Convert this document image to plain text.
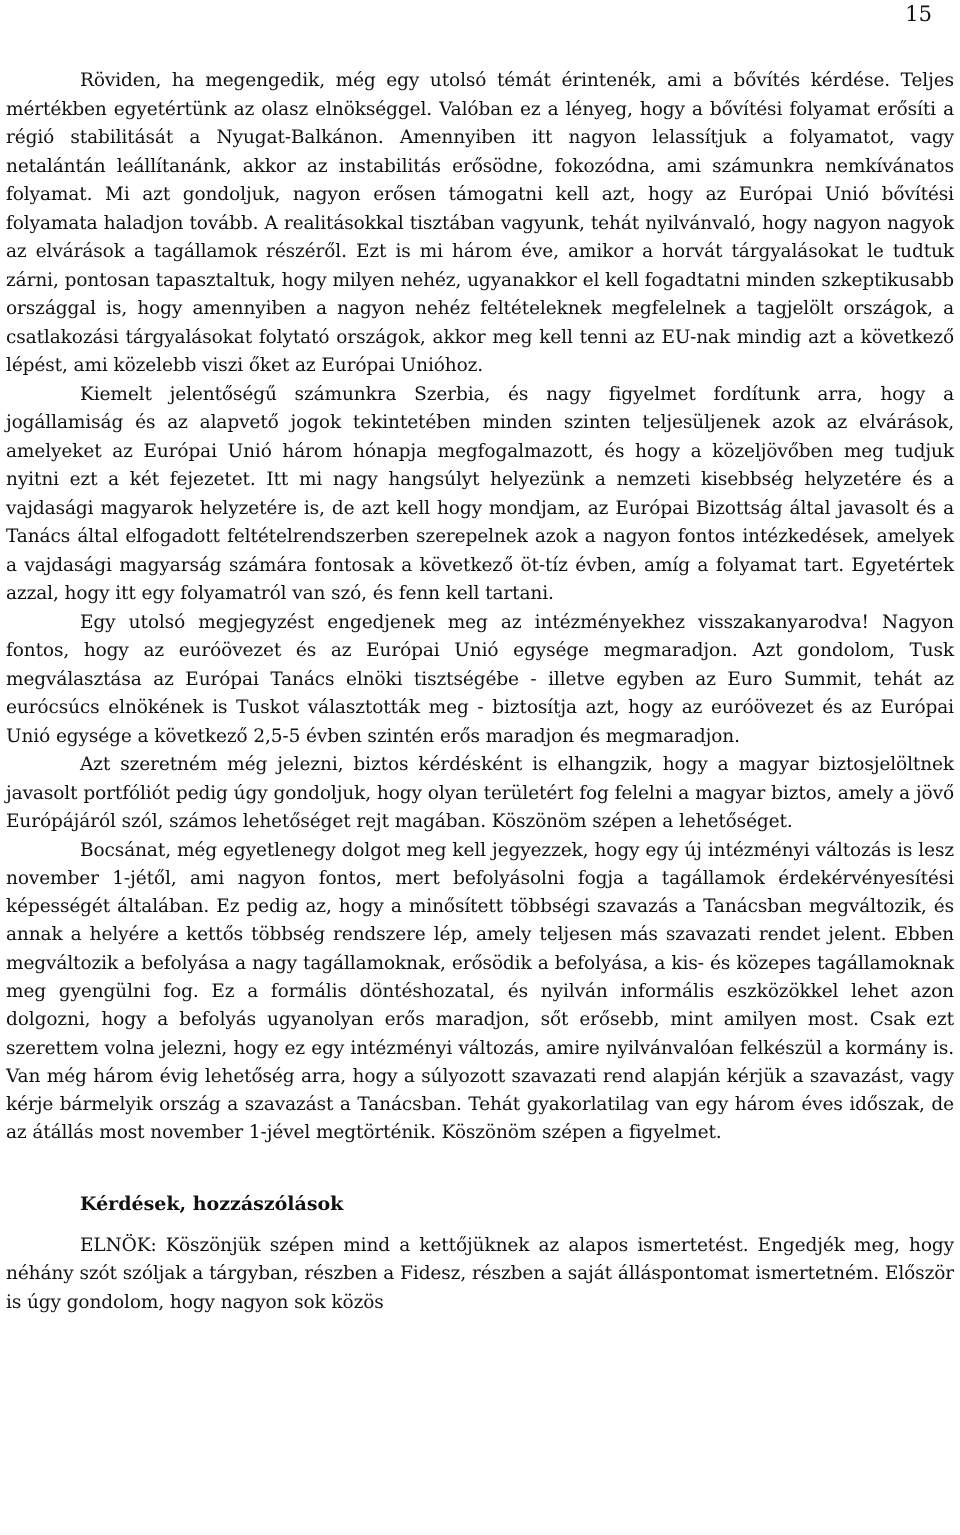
15

Röviden, ha megengedik, még egy utolsó témát érintenék, ami a bővítés kérdése. Teljes mértékben egyetértünk az olasz elnökséggel. Valóban ez a lényeg, hogy a bővítési folyamat erősíti a régió stabilitását a Nyugat-Balkánon. Amennyiben itt nagyon lelassítjuk a folyamatot, vagy netalántán leállítanánk, akkor az instabilitás erősödne, fokozódna, ami számunkra nemkívánatos folyamat. Mi azt gondoljuk, nagyon erősen támogatni kell azt, hogy az Európai Unió bővítési folyamata haladjon tovább. A realitásokkal tisztában vagyunk, tehát nyilvánvaló, hogy nagyon nagyok az elvárások a tagállamok részéről. Ezt is mi három éve, amikor a horvát tárgyalásokat le tudtuk zárni, pontosan tapasztaltuk, hogy milyen nehéz, ugyanakkor el kell fogadtatni minden szkeptikusabb országgal is, hogy amennyiben a nagyon nehéz feltételeknek megfelelnek a tagjelölt országok, a csatlakozási tárgyalásokat folytató országok, akkor meg kell tenni az EU-nak mindig azt a következő lépést, ami közelebb viszi őket az Európai Unióhoz.

Kiemelt jelentőségű számunkra Szerbia, és nagy figyelmet fordítunk arra, hogy a jogállamiság és az alapvető jogok tekintetében minden szinten teljesüljenek azok az elvárások, amelyeket az Európai Unió három hónapja megfogalmazott, és hogy a közeljövőben meg tudjuk nyitni ezt a két fejezetet. Itt mi nagy hangsúlyt helyezünk a nemzeti kisebbség helyzetére és a vajdasági magyarok helyzetére is, de azt kell hogy mondjam, az Európai Bizottság által javasolt és a Tanács által elfogadott feltételrendszerben szerepelnek azok a nagyon fontos intézkedések, amelyek a vajdasági magyarság számára fontosak a következő öt-tíz évben, amíg a folyamat tart. Egyetértek azzal, hogy itt egy folyamatról van szó, és fenn kell tartani.

Egy utolsó megjegyzést engedjenek meg az intézményekhez visszakanyarodva! Nagyon fontos, hogy az euróövezet és az Európai Unió egysége megmaradjon. Azt gondolom, Tusk megválasztása az Európai Tanács elnöki tisztségébe - illetve egyben az Euro Summit, tehát az eurócsúcs elnökének is Tuskot választották meg - biztosítja azt, hogy az euróövezet és az Európai Unió egysége a következő 2,5-5 évben szintén erős maradjon és megmaradjon.

Azt szeretném még jelezni, biztos kérdésként is elhangzik, hogy a magyar biztosjelöltnek javasolt portfóliót pedig úgy gondoljuk, hogy olyan területért fog felelni a magyar biztos, amely a jövő Európájáról szól, számos lehetőséget rejt magában. Köszönöm szépen a lehetőséget.

Bocsánat, még egyetlenegy dolgot meg kell jegyezzek, hogy egy új intézményi változás is lesz november 1-jétől, ami nagyon fontos, mert befolyásolni fogja a tagállamok érdekérvényesítési képességét általában. Ez pedig az, hogy a minősített többségi szavazás a Tanácsban megváltozik, és annak a helyére a kettős többség rendszere lép, amely teljesen más szavazati rendet jelent. Ebben megváltozik a befolyása a nagy tagállamoknak, erősödik a befolyása, a kis- és közepes tagállamoknak meg gyengülni fog. Ez a formális döntéshozatal, és nyilván informális eszközökkel lehet azon dolgozni, hogy a befolyás ugyanolyan erős maradjon, sőt erősebb, mint amilyen most. Csak ezt szerettem volna jelezni, hogy ez egy intézményi változás, amire nyilvánvalóan felkészül a kormány is. Van még három évig lehetőség arra, hogy a súlyozott szavazati rend alapján kérjük a szavazást, vagy kérje bármelyik ország a szavazást a Tanácsban. Tehát gyakorlatilag van egy három éves időszak, de az átállás most november 1-jével megtörténik. Köszönöm szépen a figyelmet.

Kérdések, hozzászólások

ELNÖK: Köszönjük szépen mind a kettőjüknek az alapos ismertetést. Engedjék meg, hogy néhány szót szóljak a tárgyban, részben a Fidesz, részben a saját álláspontomat ismertetném. Először is úgy gondolom, hogy nagyon sok közös
